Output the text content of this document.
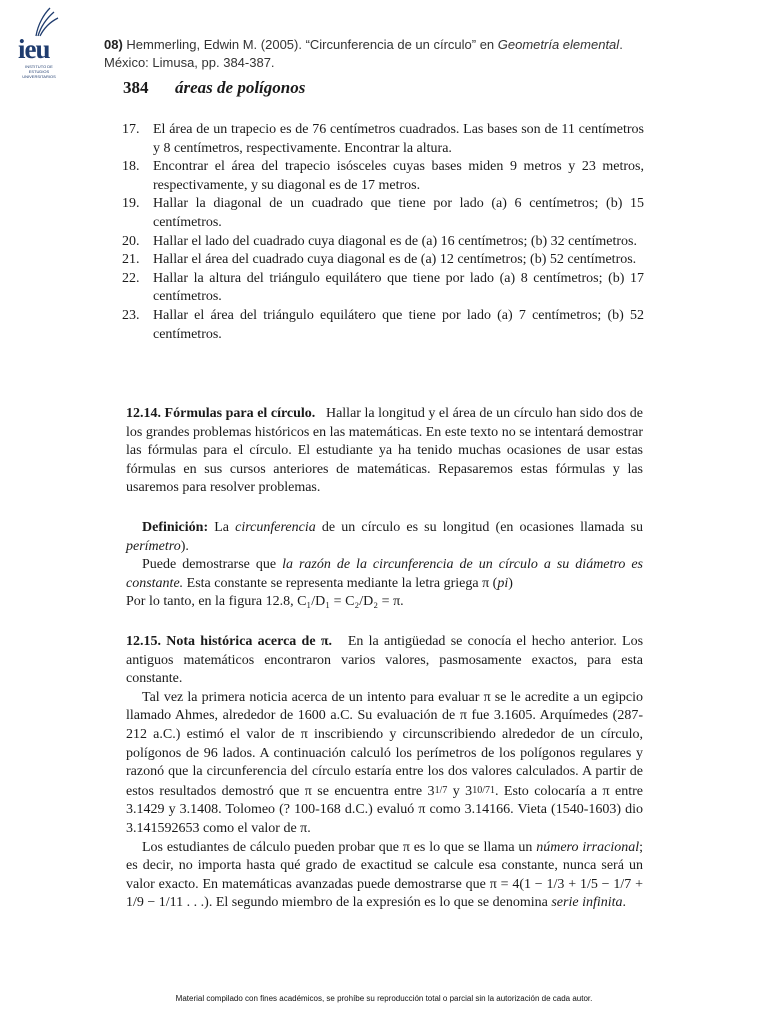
ieu
INSTITUTO DE ESTUDIOS UNIVERSITARIOS
08) Hemmerling, Edwin M. (2005). “Circunferencia de un círculo” en Geometría elemental.
México: Limusa, pp. 384-387.
384 áreas de polígonos
17. El área de un trapecio es de 76 centímetros cuadrados. Las bases son de 11 centímetros y 8 centímetros, respectivamente. Encontrar la altura.
18. Encontrar el área del trapecio isósceles cuyas bases miden 9 metros y 23 metros, respectivamente, y su diagonal es de 17 metros.
19. Hallar la diagonal de un cuadrado que tiene por lado (a) 6 centímetros; (b) 15 centímetros.
20. Hallar el lado del cuadrado cuya diagonal es de (a) 16 centímetros; (b) 32 centímetros.
21. Hallar el área del cuadrado cuya diagonal es de (a) 12 centímetros; (b) 52 centímetros.
22. Hallar la altura del triángulo equilátero que tiene por lado (a) 8 centímetros; (b) 17 centímetros.
23. Hallar el área del triángulo equilátero que tiene por lado (a) 7 centímetros; (b) 52 centímetros.

12.14. Fórmulas para el círculo. Hallar la longitud y el área de un círculo han sido dos de los grandes problemas históricos en las matemáticas. En este texto no se intentará demostrar las fórmulas para el círculo. El estudiante ya ha tenido muchas ocasiones de usar estas fórmulas en sus cursos anteriores de matemáticas. Repasaremos estas fórmulas y las usaremos para resolver problemas.

Definición: La circunferencia de un círculo es su longitud (en ocasiones llamada su perímetro).

Puede demostrarse que la razón de la circunferencia de un círculo a su diámetro es constante. Esta constante se representa mediante la letra griega π (pi)

Por lo tanto, en la figura 12.8, C₁/D₁ = C₂/D₂ = π.

12.15. Nota histórica acerca de π. En la antigüedad se conocía el hecho anterior. Los antiguos matemáticos encontraron varios valores, pasmosamente exactos, para esta constante.

Tal vez la primera noticia acerca de un intento para evaluar π se le acredite a un egipcio llamado Ahmes, alrededor de 1600 a.C. Su evaluación de π fue 3.1605. Arquímedes (287-212 a.C.) estimó el valor de π inscribiendo y circunscribiendo alrededor de un círculo, polígonos de 96 lados. A continuación calculó los perímetros de los polígonos regulares y razonó que la circunferencia del círculo estaría entre los dos valores calculados. A partir de estos resultados demostró que π se encuentra entre 31/7 y 310/71. Esto colocaría a π entre 3.1429 y 3.1408. Tolomeo (? 100-168 d.C.) evaluó π como 3.14166. Vieta (1540-1603) dio 3.141592653 como el valor de π.

Los estudiantes de cálculo pueden probar que π es lo que se llama un número irracional; es decir, no importa hasta qué grado de exactitud se calcule esa constante, nunca será un valor exacto. En matemáticas avanzadas puede demostrarse que π = 4(1 − 1/3 + 1/5 − 1/7 + 1/9 − 1/11 . . .). El segundo miembro de la expresión es lo que se denomina serie infinita.

Material compilado con fines académicos, se prohíbe su reproducción total o parcial sin la autorización de cada autor.
